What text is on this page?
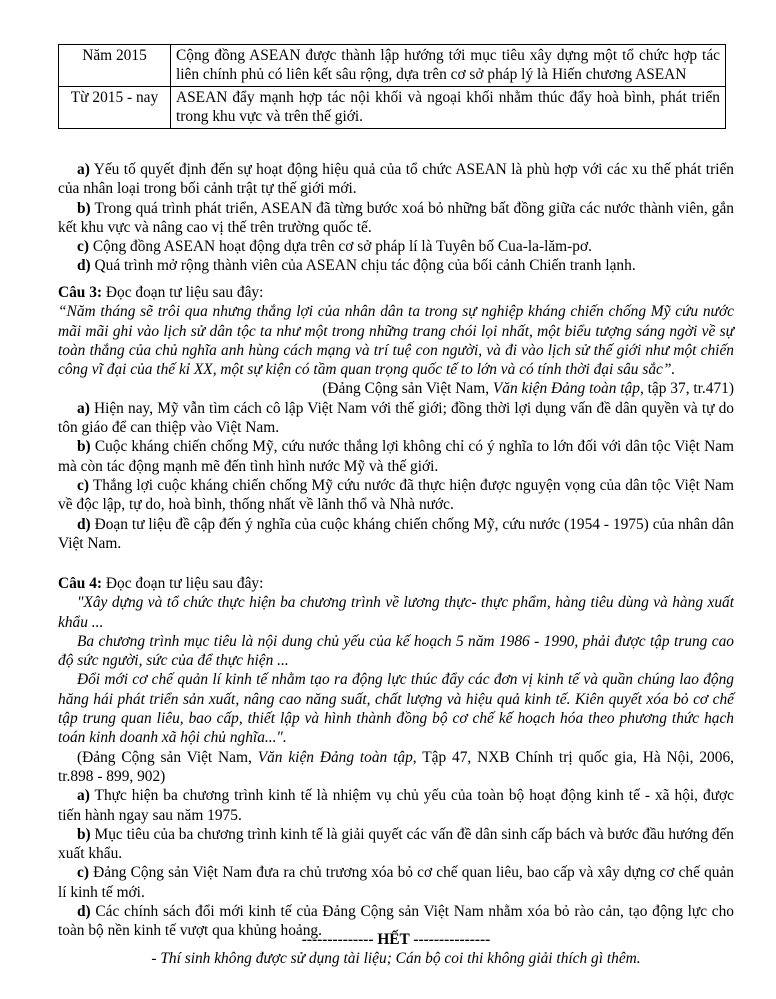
Năm 2015	Cộng đồng ASEAN được thành lập hướng tới mục tiêu xây dựng một tổ chức hợp tác liên chính phủ có liên kết sâu rộng, dựa trên cơ sở pháp lý là Hiến chương ASEAN
Từ 2015 - nay	ASEAN đẩy mạnh hợp tác nội khối và ngoại khối nhằm thúc đẩy hoà bình, phát triển trong khu vực và trên thế giới.

a) Yếu tố quyết định đến sự hoạt động hiệu quả của tổ chức ASEAN là phù hợp với các xu thế phát triển của nhân loại trong bối cảnh trật tự thế giới mới.

b) Trong quá trình phát triển, ASEAN đã từng bước xoá bỏ những bất đồng giữa các nước thành viên, gắn kết khu vực và nâng cao vị thế trên trường quốc tế.

c) Cộng đồng ASEAN hoạt động dựa trên cơ sở pháp lí là Tuyên bố Cua-la-lăm-pơ.

d) Quá trình mở rộng thành viên của ASEAN chịu tác động của bối cảnh Chiến tranh lạnh.

Câu 3: Đọc đoạn tư liệu sau đây:

“Năm tháng sẽ trôi qua nhưng thắng lợi của nhân dân ta trong sự nghiệp kháng chiến chống Mỹ cứu nước mãi mãi ghi vào lịch sử dân tộc ta như một trong những trang chói lọi nhất, một biểu tượng sáng ngời về sự toàn thắng của chủ nghĩa anh hùng cách mạng và trí tuệ con người, và đi vào lịch sử thế giới như một chiến công vĩ đại của thế kỉ XX, một sự kiện có tầm quan trọng quốc tế to lớn và có tính thời đại sâu sắc”.

(Đảng Cộng sản Việt Nam, Văn kiện Đảng toàn tập, tập 37, tr.471)

a) Hiện nay, Mỹ vẫn tìm cách cô lập Việt Nam với thế giới; đồng thời lợi dụng vấn đề dân quyền và tự do tôn giáo để can thiệp vào Việt Nam.

b) Cuộc kháng chiến chống Mỹ, cứu nước thắng lợi không chỉ có ý nghĩa to lớn đối với dân tộc Việt Nam mà còn tác động mạnh mẽ đến tình hình nước Mỹ và thế giới.

c) Thắng lợi cuộc kháng chiến chống Mỹ cứu nước đã thực hiện được nguyện vọng của dân tộc Việt Nam về độc lập, tự do, hoà bình, thống nhất về lãnh thổ và Nhà nước.

d) Đoạn tư liệu đề cập đến ý nghĩa của cuộc kháng chiến chống Mỹ, cứu nước (1954 - 1975) của nhân dân Việt Nam.

Câu 4: Đọc đoạn tư liệu sau đây:

"Xây dựng và tổ chức thực hiện ba chương trình về lương thực- thực phẩm, hàng tiêu dùng và hàng xuất khẩu ...

Ba chương trình mục tiêu là nội dung chủ yếu của kế hoạch 5 năm 1986 - 1990, phải được tập trung cao độ sức người, sức của để thực hiện ...

Đổi mới cơ chế quản lí kinh tế nhằm tạo ra động lực thúc đẩy các đơn vị kinh tế và quần chúng lao động hăng hái phát triển sản xuất, nâng cao năng suất, chất lượng và hiệu quả kinh tế. Kiên quyết xóa bỏ cơ chế tập trung quan liêu, bao cấp, thiết lập và hình thành đồng bộ cơ chế kế hoạch hóa theo phương thức hạch toán kinh doanh xã hội chủ nghĩa...".

(Đảng Cộng sản Việt Nam, Văn kiện Đảng toàn tập, Tập 47, NXB Chính trị quốc gia, Hà Nội, 2006, tr.898 - 899, 902)

a) Thực hiện ba chương trình kinh tế là nhiệm vụ chủ yếu của toàn bộ hoạt động kinh tế - xã hội, được tiến hành ngay sau năm 1975.

b) Mục tiêu của ba chương trình kinh tế là giải quyết các vấn đề dân sinh cấp bách và bước đầu hướng đến xuất khẩu.

c) Đảng Cộng sản Việt Nam đưa ra chủ trương xóa bỏ cơ chế quan liêu, bao cấp và xây dựng cơ chế quản lí kinh tế mới.

d) Các chính sách đổi mới kinh tế của Đảng Cộng sản Việt Nam nhằm xóa bỏ rào cản, tạo động lực cho toàn bộ nền kinh tế vượt qua khủng hoảng.

-------------- HẾT ---------------

- Thí sinh không được sử dụng tài liệu; Cán bộ coi thi không giải thích gì thêm.
